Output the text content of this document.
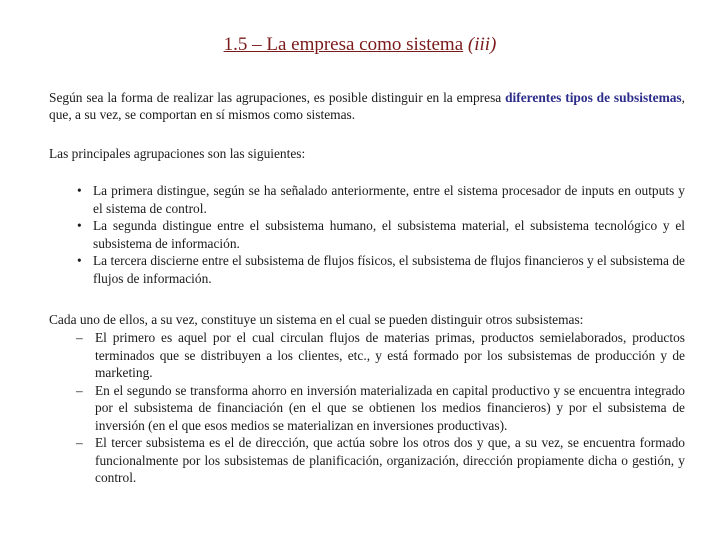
1.5 – La empresa como sistema (iii)
Según sea la forma de realizar las agrupaciones, es posible distinguir en la empresa diferentes tipos de subsistemas, que, a su vez, se comportan en sí mismos como sistemas.
Las principales agrupaciones son las siguientes:
• La primera distingue, según se ha señalado anteriormente, entre el sistema procesador de inputs en outputs y el sistema de control.
• La segunda distingue entre el subsistema humano, el subsistema material, el subsistema tecnológico y el subsistema de información.
• La tercera discierne entre el subsistema de flujos físicos, el subsistema de flujos financieros y el subsistema de flujos de información.
Cada uno de ellos, a su vez, constituye un sistema en el cual se pueden distinguir otros subsistemas:
– El primero es aquel por el cual circulan flujos de materias primas, productos semielaborados, productos terminados que se distribuyen a los clientes, etc., y está formado por los subsistemas de producción y de marketing.
– En el segundo se transforma ahorro en inversión materializada en capital productivo y se encuentra integrado por el subsistema de financiación (en el que se obtienen los medios financieros) y por el subsistema de inversión (en el que esos medios se materializan en inversiones productivas).
– El tercer subsistema es el de dirección, que actúa sobre los otros dos y que, a su vez, se encuentra formado funcionalmente por los subsistemas de planificación, organización, dirección propiamente dicha o gestión, y control.
